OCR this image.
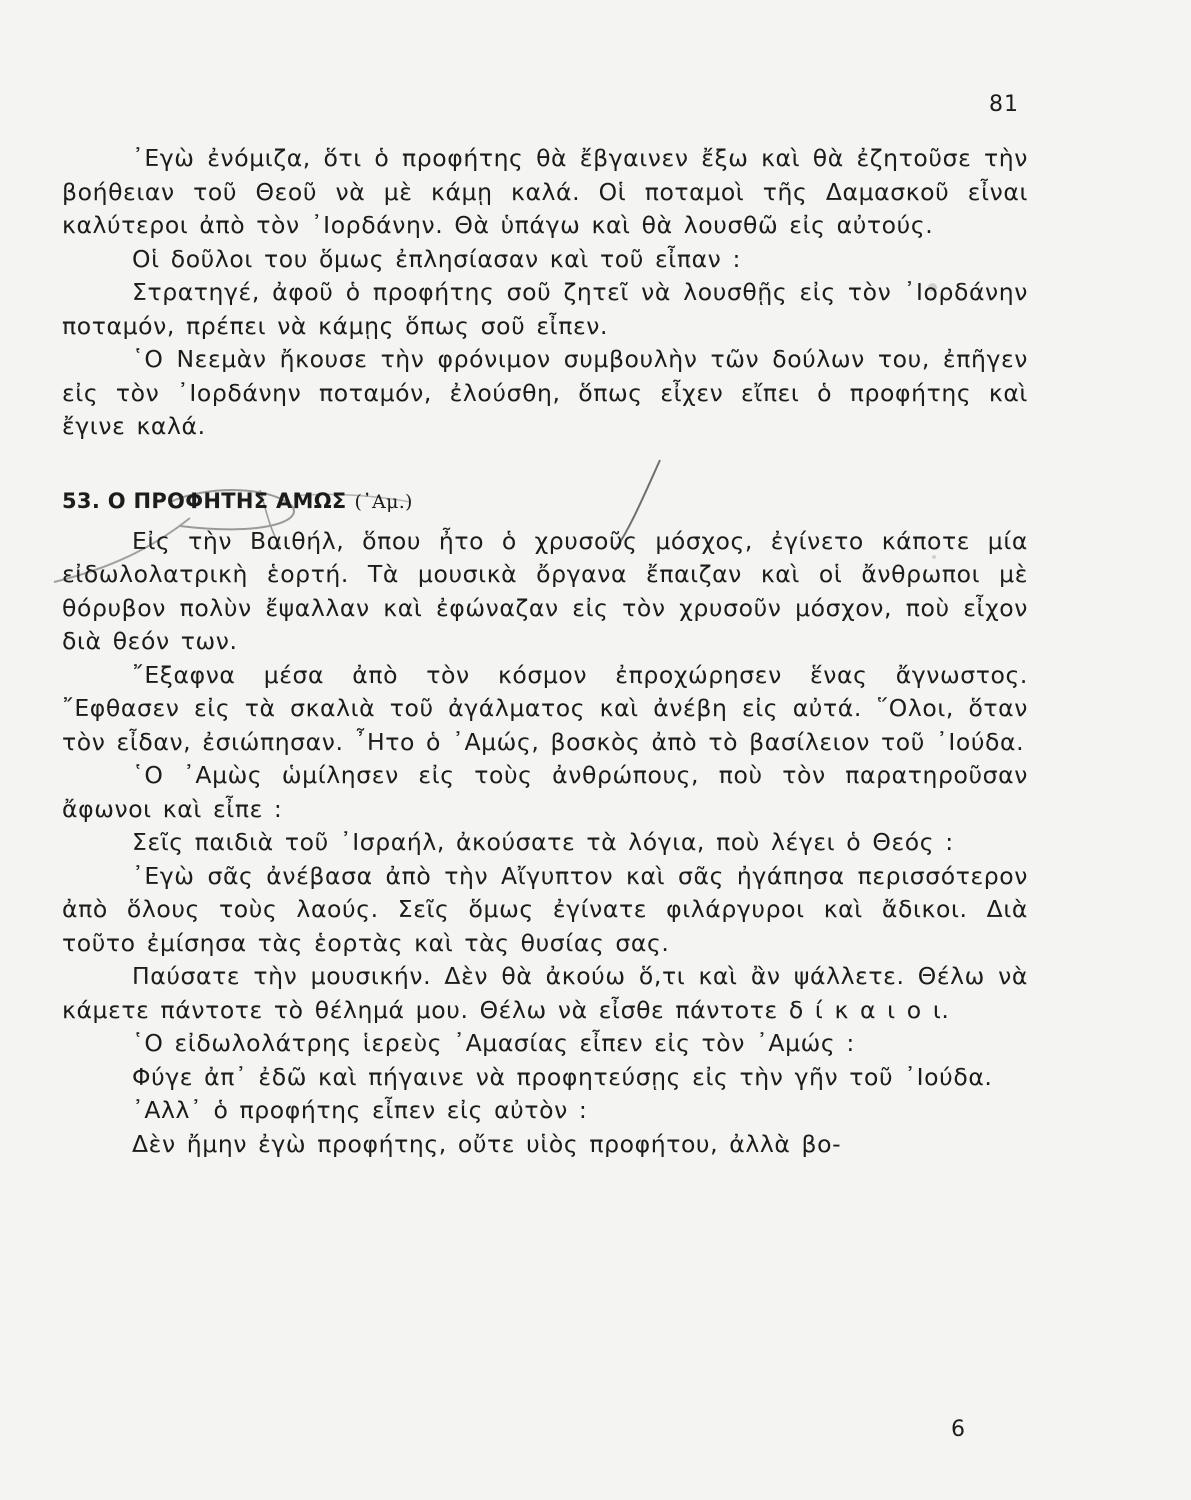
81

᾿Εγὼ ἐνόμιζα, ὅτι ὁ προφήτης θὰ ἔβγαινεν ἔξω καὶ θὰ ἐζητοῦσε τὴν βοήθειαν τοῦ Θεοῦ νὰ μὲ κάμῃ καλά. Οἱ ποταμοὶ τῆς Δαμασκοῦ εἶναι καλύτεροι ἀπὸ τὸν ᾿Ιορδάνην. Θὰ ὑπάγω καὶ θὰ λουσθῶ εἰς αὐτούς.

Οἱ δοῦλοι του ὅμως ἐπλησίασαν καὶ τοῦ εἶπαν :

Στρατηγέ, ἀφοῦ ὁ προφήτης σοῦ ζητεῖ νὰ λουσθῇς εἰς τὸν ᾿Ιορδάνην ποταμόν, πρέπει νὰ κάμῃς ὅπως σοῦ εἶπεν.

῾Ο Νεεμὰν ἤκουσε τὴν φρόνιμον συμβουλὴν τῶν δούλων του, ἐπῆγεν εἰς τὸν ᾿Ιορδάνην ποταμόν, ἐλούσθη, ὅπως εἶχεν εἴπει ὁ προφήτης καὶ ἔγινε καλά.

53. Ο ΠΡΟΦΗΤΗΣ ΑΜΩΣ (᾿Αμ.)

Εἰς τὴν Βαιθήλ, ὅπου ἦτο ὁ χρυσοῦς μόσχος, ἐγίνετο κάποτε μία εἰδωλολατρικὴ ἑορτή. Τὰ μουσικὰ ὄργανα ἔπαιζαν καὶ οἱ ἄνθρωποι μὲ θόρυβον πολὺν ἔψαλλαν καὶ ἐφώναζαν εἰς τὸν χρυσοῦν μόσχον, ποὺ εἶχον διὰ θεόν των.

῎Εξαφνα μέσα ἀπὸ τὸν κόσμον ἐπροχώρησεν ἕνας ἄγνωστος. ῎Εφθασεν εἰς τὰ σκαλιὰ τοῦ ἀγάλματος καὶ ἀνέβη εἰς αὐτά. ῞Ολοι, ὅταν τὸν εἶδαν, ἐσιώπησαν. ῏Ητο ὁ ᾿Αμώς, βοσκὸς ἀπὸ τὸ βασίλειον τοῦ ᾿Ιούδα.

῾Ο ᾿Αμὼς ὡμίλησεν εἰς τοὺς ἀνθρώπους, ποὺ τὸν παρατηροῦσαν ἄφωνοι καὶ εἶπε :

Σεῖς παιδιὰ τοῦ ᾿Ισραήλ, ἀκούσατε τὰ λόγια, ποὺ λέγει ὁ Θεός :

᾿Εγὼ σᾶς ἀνέβασα ἀπὸ τὴν Αἴγυπτον καὶ σᾶς ἠγάπησα περισσότερον ἀπὸ ὅλους τοὺς λαούς. Σεῖς ὅμως ἐγίνατε φιλάργυροι καὶ ἄδικοι. Διὰ τοῦτο ἐμίσησα τὰς ἑορτὰς καὶ τὰς θυσίας σας.

Παύσατε τὴν μουσικήν. Δὲν θὰ ἀκούω ὅ,τι καὶ ἂν ψάλλετε. Θέλω νὰ κάμετε πάντοτε τὸ θέλημά μου. Θέλω νὰ εἶσθε πάντοτε δ ί κ α ι ο ι.

῾Ο εἰδωλολάτρης ἱερεὺς ᾿Αμασίας εἶπεν εἰς τὸν ᾿Αμώς :

Φύγε ἀπ᾿ ἐδῶ καὶ πήγαινε νὰ προφητεύσῃς εἰς τὴν γῆν τοῦ ᾿Ιούδα.

᾿Αλλ᾿ ὁ προφήτης εἶπεν εἰς αὐτὸν :

Δὲν ἤμην ἐγὼ προφήτης, οὔτε υἱὸς προφήτου, ἀλλὰ βο-

6
